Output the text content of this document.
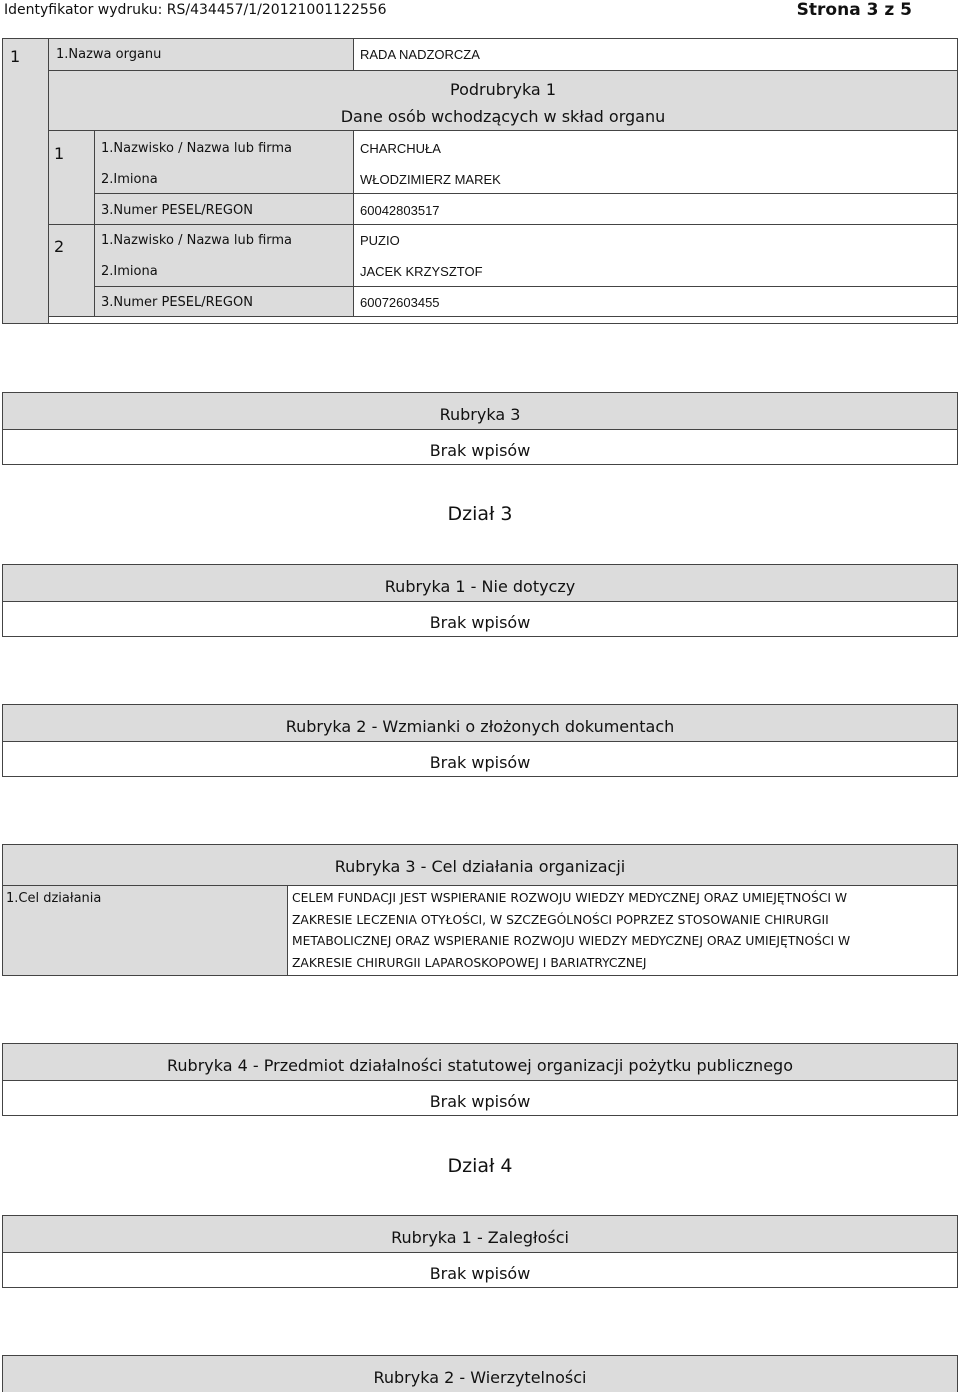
Identyfikator wydruku: RS/434457/1/20121001122556	Strona 3 z 5
1	1.Nazwa organu	RADA NADZORCZA
Podrubryka 1
Dane osób wchodzących w skład organu
1	1.Nazwisko / Nazwa lub firma	CHARCHUŁA
2.Imiona	WŁODZIMIERZ MAREK
3.Numer PESEL/REGON	60042803517
2	1.Nazwisko / Nazwa lub firma	PUZIO
2.Imiona	JACEK KRZYSZTOF
3.Numer PESEL/REGON	60072603455
Rubryka 3
Brak wpisów
Dział 3
Rubryka 1 - Nie dotyczy
Brak wpisów
Rubryka 2 - Wzmianki o złożonych dokumentach
Brak wpisów
Rubryka 3 - Cel działania organizacji
1.Cel działania	CELEM FUNDACJI JEST WSPIERANIE ROZWOJU WIEDZY MEDYCZNEJ ORAZ UMIEJĘTNOŚCI W
ZAKRESIE LECZENIA OTYŁOŚCI, W SZCZEGÓLNOŚCI POPRZEZ STOSOWANIE CHIRURGII
METABOLICZNEJ ORAZ WSPIERANIE ROZWOJU WIEDZY MEDYCZNEJ ORAZ UMIEJĘTNOŚCI W
ZAKRESIE CHIRURGII LAPAROSKOPOWEJ I BARIATRYCZNEJ
Rubryka 4 - Przedmiot działalności statutowej organizacji pożytku publicznego
Brak wpisów
Dział 4
Rubryka 1 - Zaległości
Brak wpisów
Rubryka 2 - Wierzytelności
